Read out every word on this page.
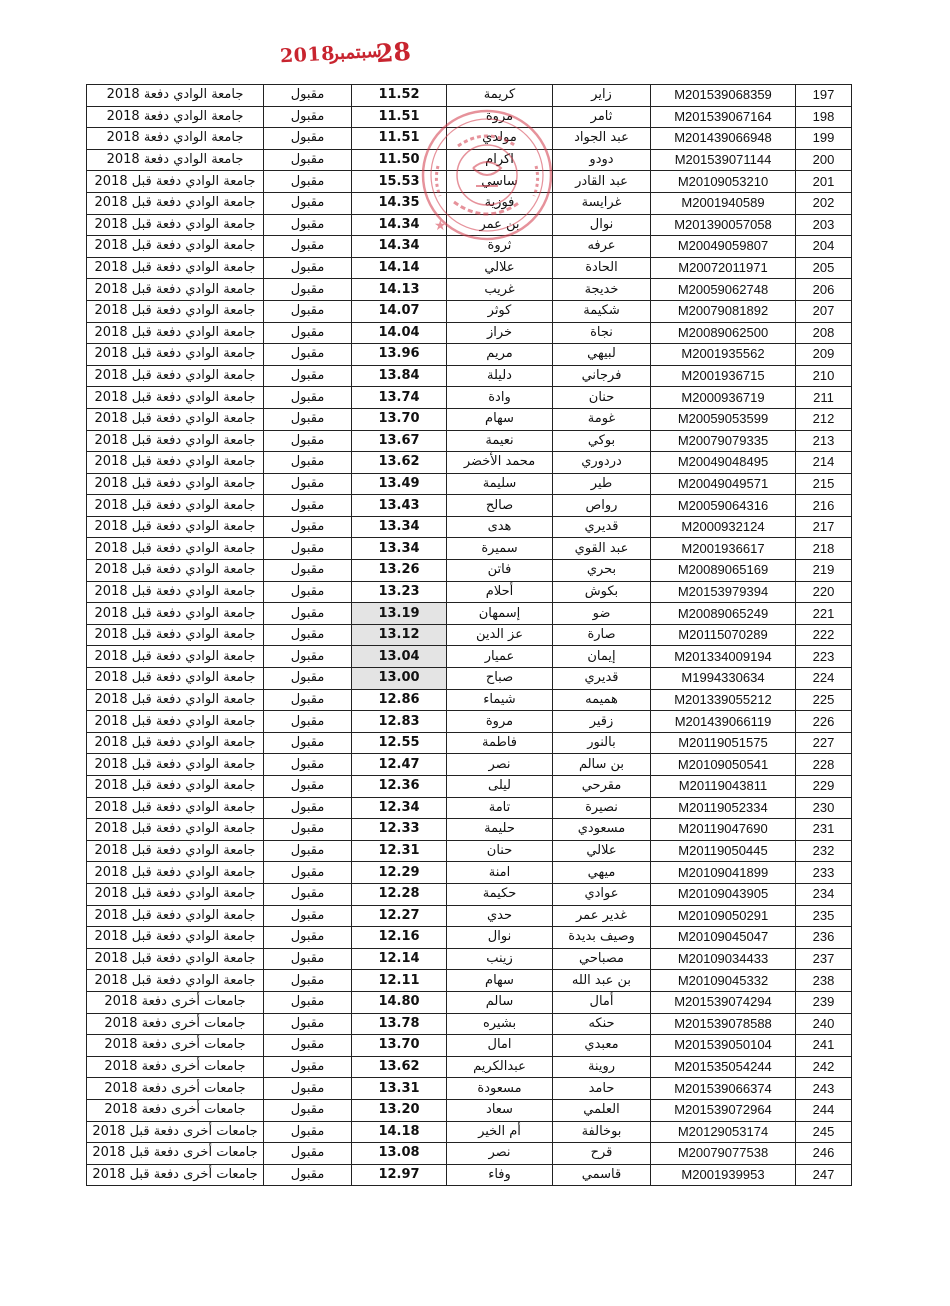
2018
سبتمبر
28
جامعة الوادي دفعة 2018	مقبول	11.52	كريمة	زاير	M201539068359	197
جامعة الوادي دفعة 2018	مقبول	11.51	مروة	ثامر	M201539067164	198
جامعة الوادي دفعة 2018	مقبول	11.51	مولدي	عبد الجواد	M201439066948	199
جامعة الوادي دفعة 2018	مقبول	11.50	اكرام	دودو	M201539071144	200
جامعة الوادي دفعة قبل 2018	مقبول	15.53	ساسي	عبد القادر	M20109053210	201
جامعة الوادي دفعة قبل 2018	مقبول	14.35	فوزية	غرايسة	M2001940589	202
جامعة الوادي دفعة قبل 2018	مقبول	14.34	بن عمر	نوال	M201390057058	203
جامعة الوادي دفعة قبل 2018	مقبول	14.34	ثروة	عرفه	M20049059807	204
جامعة الوادي دفعة قبل 2018	مقبول	14.14	علالي	الحادة	M20072011971	205
جامعة الوادي دفعة قبل 2018	مقبول	14.13	غريب	خديجة	M20059062748	206
جامعة الوادي دفعة قبل 2018	مقبول	14.07	كوثر	شكيمة	M20079081892	207
جامعة الوادي دفعة قبل 2018	مقبول	14.04	خراز	نجاة	M20089062500	208
جامعة الوادي دفعة قبل 2018	مقبول	13.96	مريم	لبيهي	M2001935562	209
جامعة الوادي دفعة قبل 2018	مقبول	13.84	دليلة	فرجاني	M2001936715	210
جامعة الوادي دفعة قبل 2018	مقبول	13.74	وادة	حنان	M2000936719	211
جامعة الوادي دفعة قبل 2018	مقبول	13.70	سهام	غومة	M20059053599	212
جامعة الوادي دفعة قبل 2018	مقبول	13.67	نعيمة	بوكي	M20079079335	213
جامعة الوادي دفعة قبل 2018	مقبول	13.62	محمد الأخضر	دردوري	M20049048495	214
جامعة الوادي دفعة قبل 2018	مقبول	13.49	سليمة	طير	M20049049571	215
جامعة الوادي دفعة قبل 2018	مقبول	13.43	صالح	رواص	M20059064316	216
جامعة الوادي دفعة قبل 2018	مقبول	13.34	هدى	قديري	M2000932124	217
جامعة الوادي دفعة قبل 2018	مقبول	13.34	سميرة	عبد القوي	M2001936617	218
جامعة الوادي دفعة قبل 2018	مقبول	13.26	فاتن	بحري	M20089065169	219
جامعة الوادي دفعة قبل 2018	مقبول	13.23	أحلام	بكوش	M20153979394	220
جامعة الوادي دفعة قبل 2018	مقبول	13.19	إسمهان	ضو	M20089065249	221
جامعة الوادي دفعة قبل 2018	مقبول	13.12	عز الدين	صارة	M20115070289	222
جامعة الوادي دفعة قبل 2018	مقبول	13.04	عميار	إيمان	M201334009194	223
جامعة الوادي دفعة قبل 2018	مقبول	13.00	صباح	قديري	M1994330634	224
جامعة الوادي دفعة قبل 2018	مقبول	12.86	شيماء	هميمه	M201339055212	225
جامعة الوادي دفعة قبل 2018	مقبول	12.83	مروة	زقير	M201439066119	226
جامعة الوادي دفعة قبل 2018	مقبول	12.55	فاطمة	بالنور	M20119051575	227
جامعة الوادي دفعة قبل 2018	مقبول	12.47	نصر	بن سالم	M20109050541	228
جامعة الوادي دفعة قبل 2018	مقبول	12.36	ليلى	مقرحي	M20119043811	229
جامعة الوادي دفعة قبل 2018	مقبول	12.34	تامة	نصيرة	M20119052334	230
جامعة الوادي دفعة قبل 2018	مقبول	12.33	حليمة	مسعودي	M20119047690	231
جامعة الوادي دفعة قبل 2018	مقبول	12.31	حنان	علالي	M20119050445	232
جامعة الوادي دفعة قبل 2018	مقبول	12.29	امنة	ميهي	M20109041899	233
جامعة الوادي دفعة قبل 2018	مقبول	12.28	حكيمة	عوادي	M20109043905	234
جامعة الوادي دفعة قبل 2018	مقبول	12.27	حدي	غدير عمر	M20109050291	235
جامعة الوادي دفعة قبل 2018	مقبول	12.16	نوال	وصيف بديدة	M20109045047	236
جامعة الوادي دفعة قبل 2018	مقبول	12.14	زينب	مصباحي	M20109034433	237
جامعة الوادي دفعة قبل 2018	مقبول	12.11	سهام	بن عبد الله	M20109045332	238
جامعات أخرى دفعة 2018	مقبول	14.80	سالم	أمال	M201539074294	239
جامعات أخرى دفعة 2018	مقبول	13.78	بشيره	حنكه	M201539078588	240
جامعات أخرى دفعة 2018	مقبول	13.70	امال	معبدي	M201539050104	241
جامعات أخرى دفعة 2018	مقبول	13.62	عبدالكريم	روينة	M201535054244	242
جامعات أخرى دفعة 2018	مقبول	13.31	مسعودة	حامد	M201539066374	243
جامعات أخرى دفعة 2018	مقبول	13.20	سعاد	العلمي	M201539072964	244
جامعات أخرى دفعة قبل 2018	مقبول	14.18	أم الخير	بوخالفة	M20129053174	245
جامعات أخرى دفعة قبل 2018	مقبول	13.08	نصر	قرح	M20079077538	246
جامعات أخرى دفعة قبل 2018	مقبول	12.97	وفاء	قاسمي	M2001939953	247
★
